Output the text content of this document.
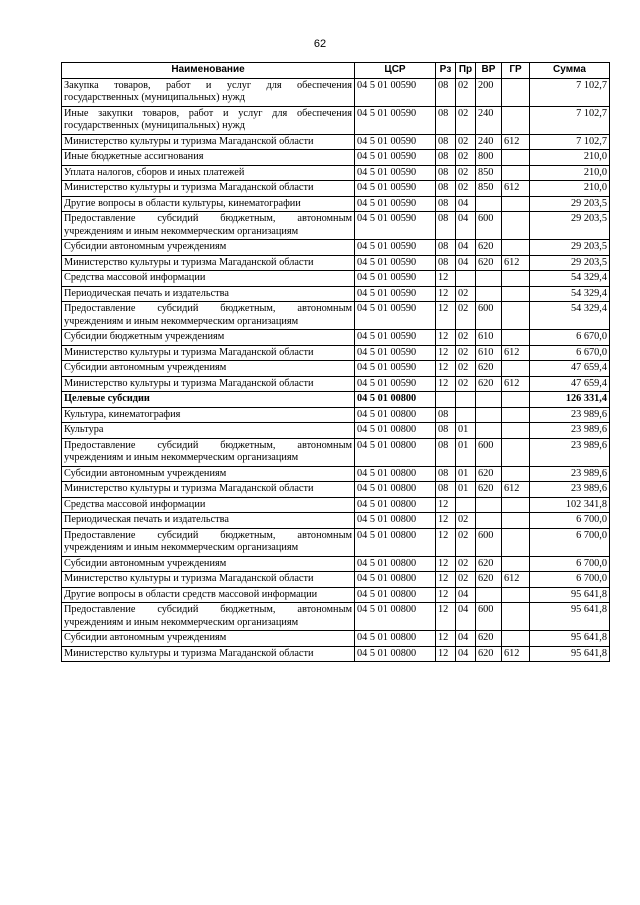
62
Наименование	ЦСР	Рз	Пр	ВР	ГР	Сумма
Закупка товаров, работ и услуг для обеспечения государственных (муниципальных) нужд	04 5 01 00590	08	02	200		7 102,7
Иные закупки товаров, работ и услуг для обеспечения государственных (муниципальных) нужд	04 5 01 00590	08	02	240		7 102,7
Министерство культуры и туризма Магаданской области	04 5 01 00590	08	02	240	612	7 102,7
Иные бюджетные ассигнования	04 5 01 00590	08	02	800		210,0
Уплата налогов, сборов и иных платежей	04 5 01 00590	08	02	850		210,0
Министерство культуры и туризма Магаданской области	04 5 01 00590	08	02	850	612	210,0
Другие вопросы в области культуры, кинематографии	04 5 01 00590	08	04			29 203,5
Предоставление субсидий бюджетным, автономным учреждениям и иным некоммерческим организациям	04 5 01 00590	08	04	600		29 203,5
Субсидии автономным учреждениям	04 5 01 00590	08	04	620		29 203,5
Министерство культуры и туризма Магаданской области	04 5 01 00590	08	04	620	612	29 203,5
Средства массовой информации	04 5 01 00590	12				54 329,4
Периодическая печать и издательства	04 5 01 00590	12	02			54 329,4
Предоставление субсидий бюджетным, автономным учреждениям и иным некоммерческим организациям	04 5 01 00590	12	02	600		54 329,4
Субсидии бюджетным учреждениям	04 5 01 00590	12	02	610		6 670,0
Министерство культуры и туризма Магаданской области	04 5 01 00590	12	02	610	612	6 670,0
Субсидии автономным учреждениям	04 5 01 00590	12	02	620		47 659,4
Министерство культуры и туризма Магаданской области	04 5 01 00590	12	02	620	612	47 659,4
Целевые субсидии	04 5 01 00800					126 331,4
Культура, кинематография	04 5 01 00800	08				23 989,6
Культура	04 5 01 00800	08	01			23 989,6
Предоставление субсидий бюджетным, автономным учреждениям и иным некоммерческим организациям	04 5 01 00800	08	01	600		23 989,6
Субсидии автономным учреждениям	04 5 01 00800	08	01	620		23 989,6
Министерство культуры и туризма Магаданской области	04 5 01 00800	08	01	620	612	23 989,6
Средства массовой информации	04 5 01 00800	12				102 341,8
Периодическая печать и издательства	04 5 01 00800	12	02			6 700,0
Предоставление субсидий бюджетным, автономным учреждениям и иным некоммерческим организациям	04 5 01 00800	12	02	600		6 700,0
Субсидии автономным учреждениям	04 5 01 00800	12	02	620		6 700,0
Министерство культуры и туризма Магаданской области	04 5 01 00800	12	02	620	612	6 700,0
Другие вопросы в области средств массовой информации	04 5 01 00800	12	04			95 641,8
Предоставление субсидий бюджетным, автономным учреждениям и иным некоммерческим организациям	04 5 01 00800	12	04	600		95 641,8
Субсидии автономным учреждениям	04 5 01 00800	12	04	620		95 641,8
Министерство культуры и туризма Магаданской области	04 5 01 00800	12	04	620	612	95 641,8
